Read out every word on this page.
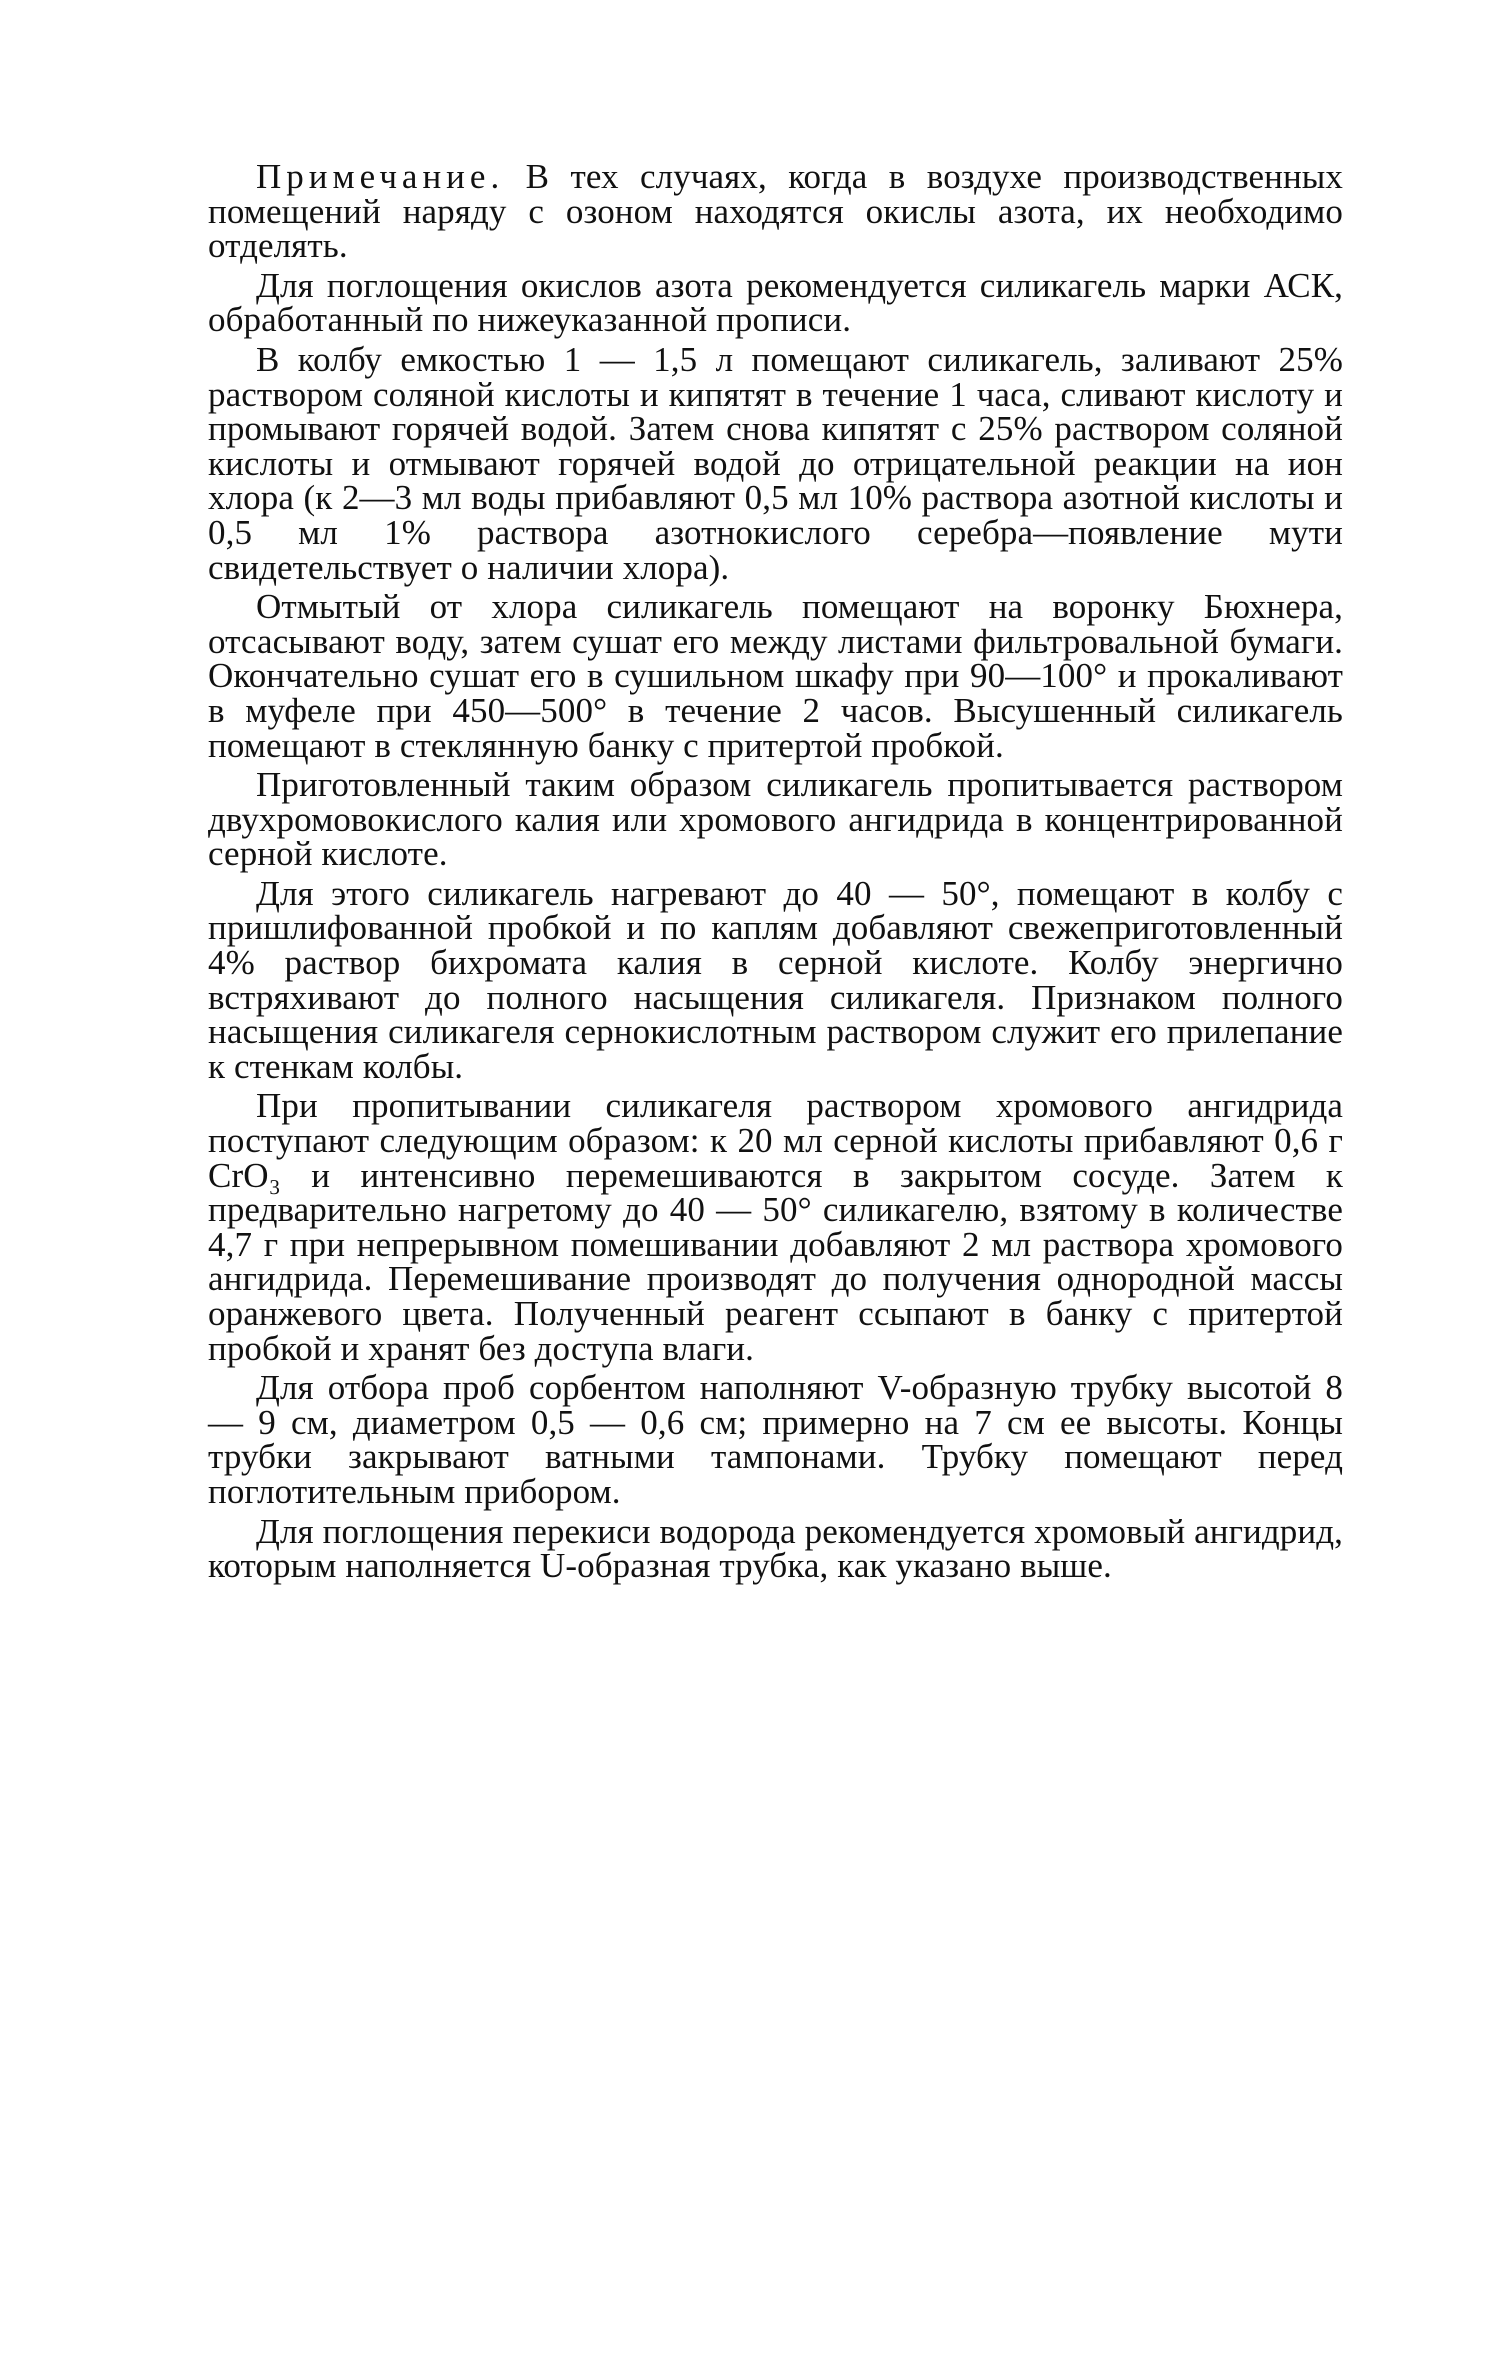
Примечание. В тех случаях, когда в воздухе производственных помещений наряду с озоном находятся окислы азота, их необходимо отделять.

Для поглощения окислов азота рекомендуется силикагель марки АСК, обработанный по нижеуказанной прописи.

В колбу емкостью 1 — 1,5 л помещают силикагель, заливают 25% раствором соляной кислоты и кипятят в течение 1 часа, сливают кислоту и промывают горячей водой. Затем снова кипятят с 25% раствором соляной кислоты и отмывают горячей водой до отрицательной реакции на ион хлора (к 2—3 мл воды прибавляют 0,5 мл 10% раствора азотной кислоты и 0,5 мл 1% раствора азотнокислого серебра—появление мути свидетельствует о наличии хлора).

Отмытый от хлора силикагель помещают на воронку Бюхнера, отсасывают воду, затем сушат его между листами фильтровальной бумаги. Окончательно сушат его в сушильном шкафу при 90—100° и прокаливают в муфеле при 450—500° в течение 2 часов. Высушенный силикагель помещают в стеклянную банку с притертой пробкой.

Приготовленный таким образом силикагель пропитывается раствором двухромовокислого калия или хромового ангидрида в концентрированной серной кислоте.

Для этого силикагель нагревают до 40 — 50°, помещают в колбу с пришлифованной пробкой и по каплям добавляют свежеприготовленный 4% раствор бихромата калия в серной кислоте. Колбу энергично встряхивают до полного насыщения силикагеля. Признаком полного насыщения силикагеля сернокислотным раствором служит его прилепание к стенкам колбы.

При пропитывании силикагеля раствором хромового ангидрида поступают следующим образом: к 20 мл серной кислоты прибавляют 0,6 г CrO₃ и интенсивно перемешиваются в закрытом сосуде. Затем к предварительно нагретому до 40 — 50° силикагелю, взятому в количестве 4,7 г при непрерывном помешивании добавляют 2 мл раствора хромового ангидрида. Перемешивание производят до получения однородной массы оранжевого цвета. Полученный реагент ссыпают в банку с притертой пробкой и хранят без доступа влаги.

Для отбора проб сорбентом наполняют V-образную трубку высотой 8 — 9 см, диаметром 0,5 — 0,6 см; примерно на 7 см ее высоты. Концы трубки закрывают ватными тампонами. Трубку помещают перед поглотительным прибором.

Для поглощения перекиси водорода рекомендуется хромовый ангидрид, которым наполняется U-образная трубка, как указано выше.
